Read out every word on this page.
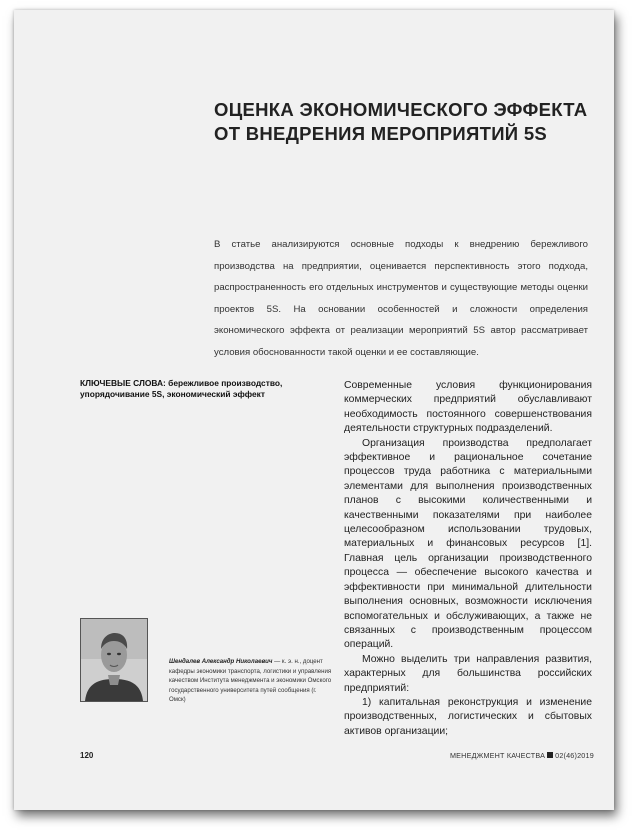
ОЦЕНКА ЭКОНОМИЧЕСКОГО ЭФФЕКТА
ОТ ВНЕДРЕНИЯ МЕРОПРИЯТИЙ 5S

В статье анализируются основные подходы к внедрению бережливого производства на предприятии, оценивается перспективность этого подхода, распространенность его отдельных инструментов и существующие методы оценки проектов 5S. На основании особенностей и сложности определения экономического эффекта от реализации мероприятий 5S автор рассматривает условия обоснованности такой оценки и ее составляющие.

КЛЮЧЕВЫЕ СЛОВА: бережливое производство, упорядочивание 5S, экономический эффект

Современные условия функционирования коммерческих предприятий обуславливают необходимость постоянного совершенствования деятельности структурных подразделений.

Организация производства предполагает эффективное и рациональное сочетание процессов труда работника с материальными элементами для выполнения производственных планов с высокими количественными и качественными показателями при наиболее целесообразном использовании трудовых, материальных и финансовых ресурсов [1]. Главная цель организации производственного процесса — обеспечение высокого качества и эффективности при минимальной длительности выполнения основных, возможности исключения вспомогательных и обслуживающих, а также не связанных с производственным процессом операций.

Можно выделить три направления развития, характерных для большинства российских предприятий:

1) капитальная реконструкция и изменение производственных, логистических и сбытовых активов организации;

Шендалев Александр Николаевич — к. э. н., доцент кафедры экономики транспорта, логистики и управления качеством Института менеджмента и экономики Омского государственного университета путей сообщения (г. Омск)

120	МЕНЕДЖМЕНТ КАЧЕСТВА 02(46)2019
